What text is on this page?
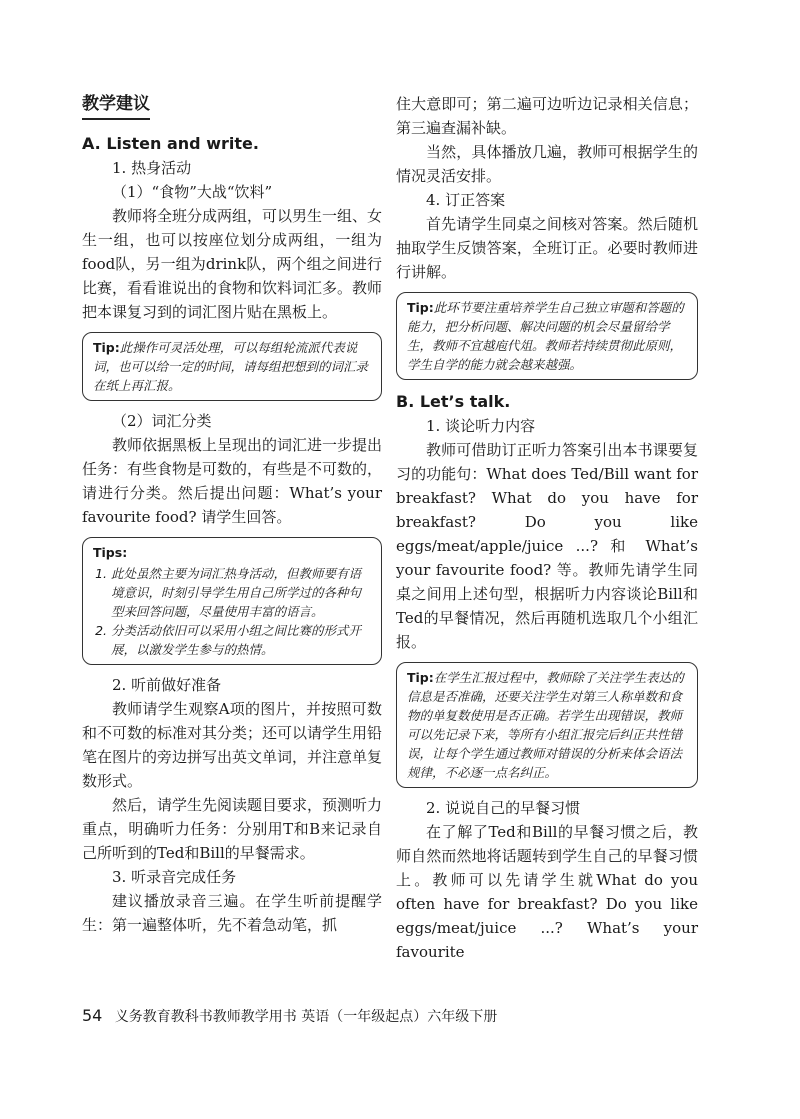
教学建议

A. Listen and write.

1. 热身活动

（1）“食物”大战“饮料”

教师将全班分成两组，可以男生一组、女生一组，也可以按座位划分成两组，一组为food队，另一组为drink队，两个组之间进行比赛，看看谁说出的食物和饮料词汇多。教师把本课复习到的词汇图片贴在黑板上。

Tip:此操作可灵活处理，可以每组轮流派代表说词，也可以给一定的时间，请每组把想到的词汇录在纸上再汇报。

（2）词汇分类

教师依据黑板上呈现出的词汇进一步提出任务：有些食物是可数的，有些是不可数的，请进行分类。然后提出问题：What’s your favourite food? 请学生回答。

Tips:
1. 此处虽然主要为词汇热身活动，但教师要有语境意识，时刻引导学生用自己所学过的各种句型来回答问题，尽量使用丰富的语言。
2. 分类活动依旧可以采用小组之间比赛的形式开展，以激发学生参与的热情。

2. 听前做好准备

教师请学生观察A项的图片，并按照可数和不可数的标准对其分类；还可以请学生用铅笔在图片的旁边拼写出英文单词，并注意单复数形式。

然后，请学生先阅读题目要求，预测听力重点，明确听力任务：分别用T和B来记录自己所听到的Ted和Bill的早餐需求。

3. 听录音完成任务

建议播放录音三遍。在学生听前提醒学生：第一遍整体听，先不着急动笔，抓

住大意即可；第二遍可边听边记录相关信息；第三遍查漏补缺。

当然，具体播放几遍，教师可根据学生的情况灵活安排。

4. 订正答案

首先请学生同桌之间核对答案。然后随机抽取学生反馈答案，全班订正。必要时教师进行讲解。

Tip:此环节要注重培养学生自己独立审题和答题的能力，把分析问题、解决问题的机会尽量留给学生，教师不宜越庖代俎。教师若持续贯彻此原则，学生自学的能力就会越来越强。

B. Let’s talk.

1. 谈论听力内容

教师可借助订正听力答案引出本书课要复习的功能句：What does Ted/Bill want for breakfast? What do you have for breakfast? Do you like eggs/meat/apple/juice ...? 和 What’s your favourite food? 等。教师先请学生同桌之间用上述句型，根据听力内容谈论Bill和Ted的早餐情况，然后再随机选取几个小组汇报。

Tip:在学生汇报过程中，教师除了关注学生表达的信息是否准确，还要关注学生对第三人称单数和食物的单复数使用是否正确。若学生出现错误，教师可以先记录下来，等所有小组汇报完后纠正共性错误，让每个学生通过教师对错误的分析来体会语法规律，不必逐一点名纠正。

2. 说说自己的早餐习惯

在了解了Ted和Bill的早餐习惯之后，教师自然而然地将话题转到学生自己的早餐习惯上。教师可以先请学生就What do you often have for breakfast? Do you like eggs/meat/juice ...? What’s your favourite

54 义务教育教科书教师教学用书 英语（一年级起点）六年级下册
